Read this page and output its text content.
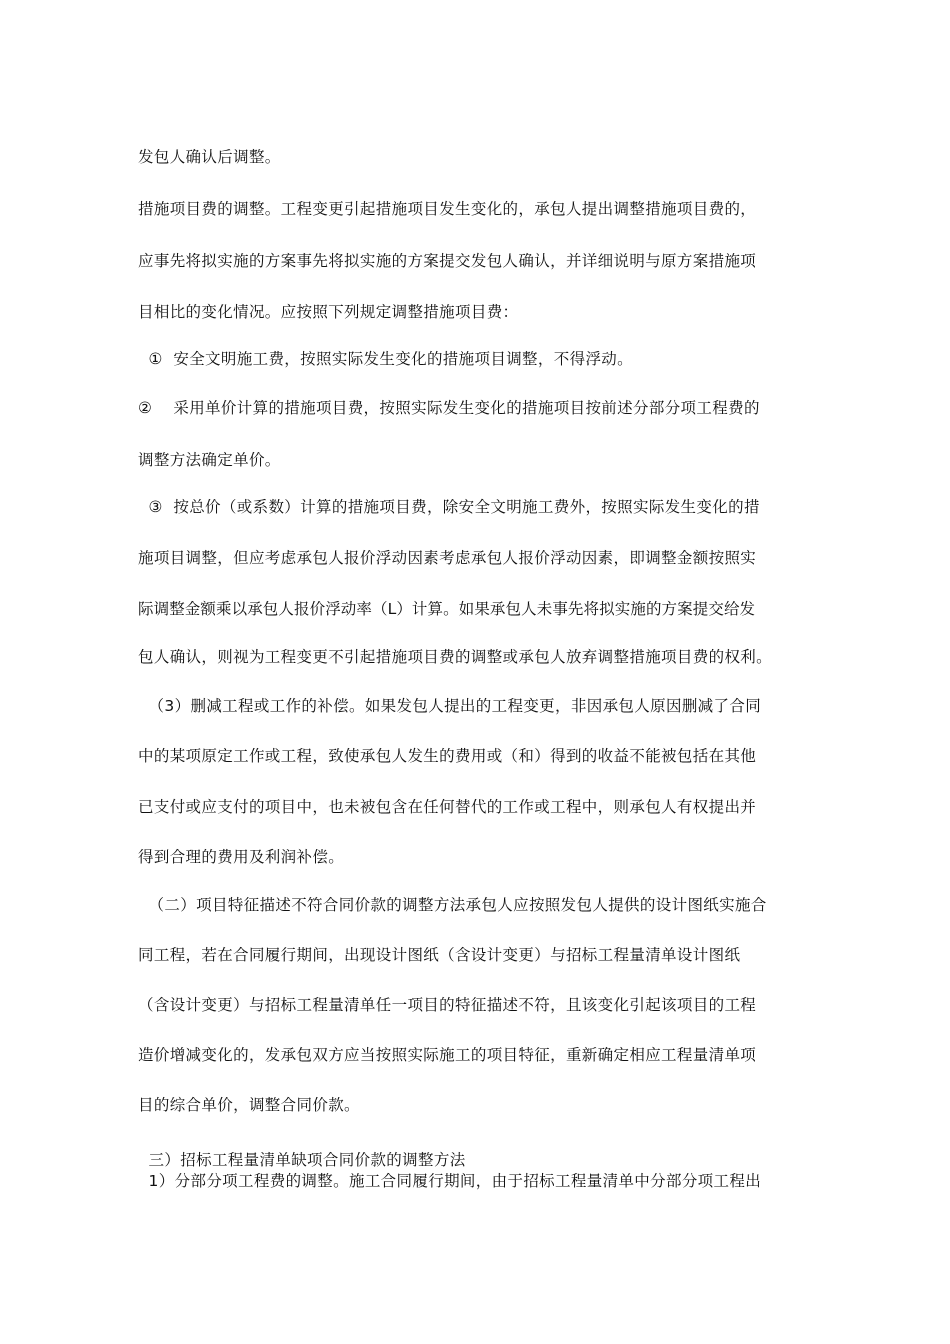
发包人确认后调整。
措施项目费的调整。工程变更引起措施项目发生变化的，承包人提出调整措施项目费的，
应事先将拟实施的方案事先将拟实施的方案提交发包人确认，并详细说明与原方案措施项
目相比的变化情况。应按照下列规定调整措施项目费：
①  安全文明施工费，按照实际发生变化的措施项目调整，不得浮动。
②    采用单价计算的措施项目费，按照实际发生变化的措施项目按前述分部分项工程费的
调整方法确定单价。
③  按总价（或系数）计算的措施项目费，除安全文明施工费外，按照实际发生变化的措
施项目调整，但应考虑承包人报价浮动因素考虑承包人报价浮动因素，即调整金额按照实
际调整金额乘以承包人报价浮动率（L）计算。如果承包人未事先将拟实施的方案提交给发
包人确认，则视为工程变更不引起措施项目费的调整或承包人放弃调整措施项目费的权利。
（3）删减工程或工作的补偿。如果发包人提出的工程变更，非因承包人原因删减了合同
中的某项原定工作或工程，致使承包人发生的费用或（和）得到的收益不能被包括在其他
已支付或应支付的项目中，也未被包含在任何替代的工作或工程中，则承包人有权提出并
得到合理的费用及利润补偿。
（二）项目特征描述不符合同价款的调整方法承包人应按照发包人提供的设计图纸实施合
同工程，若在合同履行期间，出现设计图纸（含设计变更）与招标工程量清单设计图纸
（含设计变更）与招标工程量清单任一项目的特征描述不符，且该变化引起该项目的工程
造价增减变化的，发承包双方应当按照实际施工的项目特征，重新确定相应工程量清单项
目的综合单价，调整合同价款。
三）招标工程量清单缺项合同价款的调整方法
1）分部分项工程费的调整。施工合同履行期间，由于招标工程量清单中分部分项工程出
